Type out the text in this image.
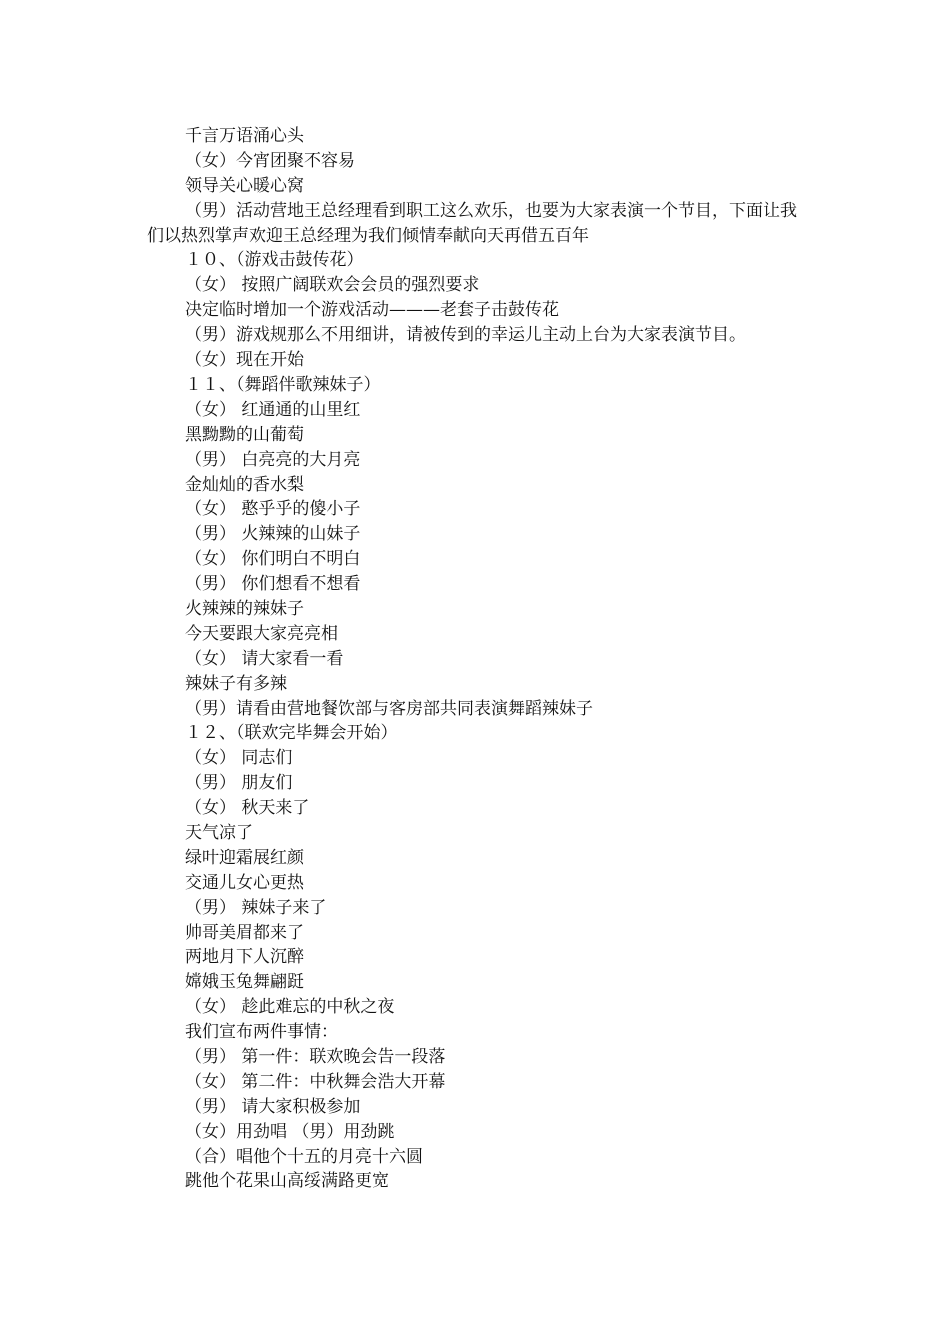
千言万语涌心头
（女）今宵团聚不容易
领导关心暖心窝
（男）活动营地王总经理看到职工这么欢乐，也要为大家表演一个节目，下面让我们以热烈掌声欢迎王总经理为我们倾情奉献向天再借五百年
１０、（游戏击鼓传花）
（女） 按照广阔联欢会会员的强烈要求
决定临时增加一个游戏活动———老套子击鼓传花
（男）游戏规那么不用细讲，请被传到的幸运儿主动上台为大家表演节目。
（女）现在开始
１１、（舞蹈伴歌辣妹子）
（女） 红通通的山里红
黑黝黝的山葡萄
（男） 白亮亮的大月亮
金灿灿的香水梨
（女） 憨乎乎的傻小子
（男） 火辣辣的山妹子
（女） 你们明白不明白
（男） 你们想看不想看
火辣辣的辣妹子
今天要跟大家亮亮相
（女） 请大家看一看
辣妹子有多辣
（男）请看由营地餐饮部与客房部共同表演舞蹈辣妹子
１２、（联欢完毕舞会开始）
（女） 同志们
（男） 朋友们
（女） 秋天来了
天气凉了
绿叶迎霜展红颜
交通儿女心更热
（男） 辣妹子来了
帅哥美眉都来了
两地月下人沉醉
嫦娥玉兔舞翩跹
（女） 趁此难忘的中秋之夜
我们宣布两件事情：
（男） 第一件：联欢晚会告一段落
（女） 第二件：中秋舞会浩大开幕
（男） 请大家积极参加
（女）用劲唱 （男）用劲跳
（合）唱他个十五的月亮十六圆
跳他个花果山高绥满路更宽
